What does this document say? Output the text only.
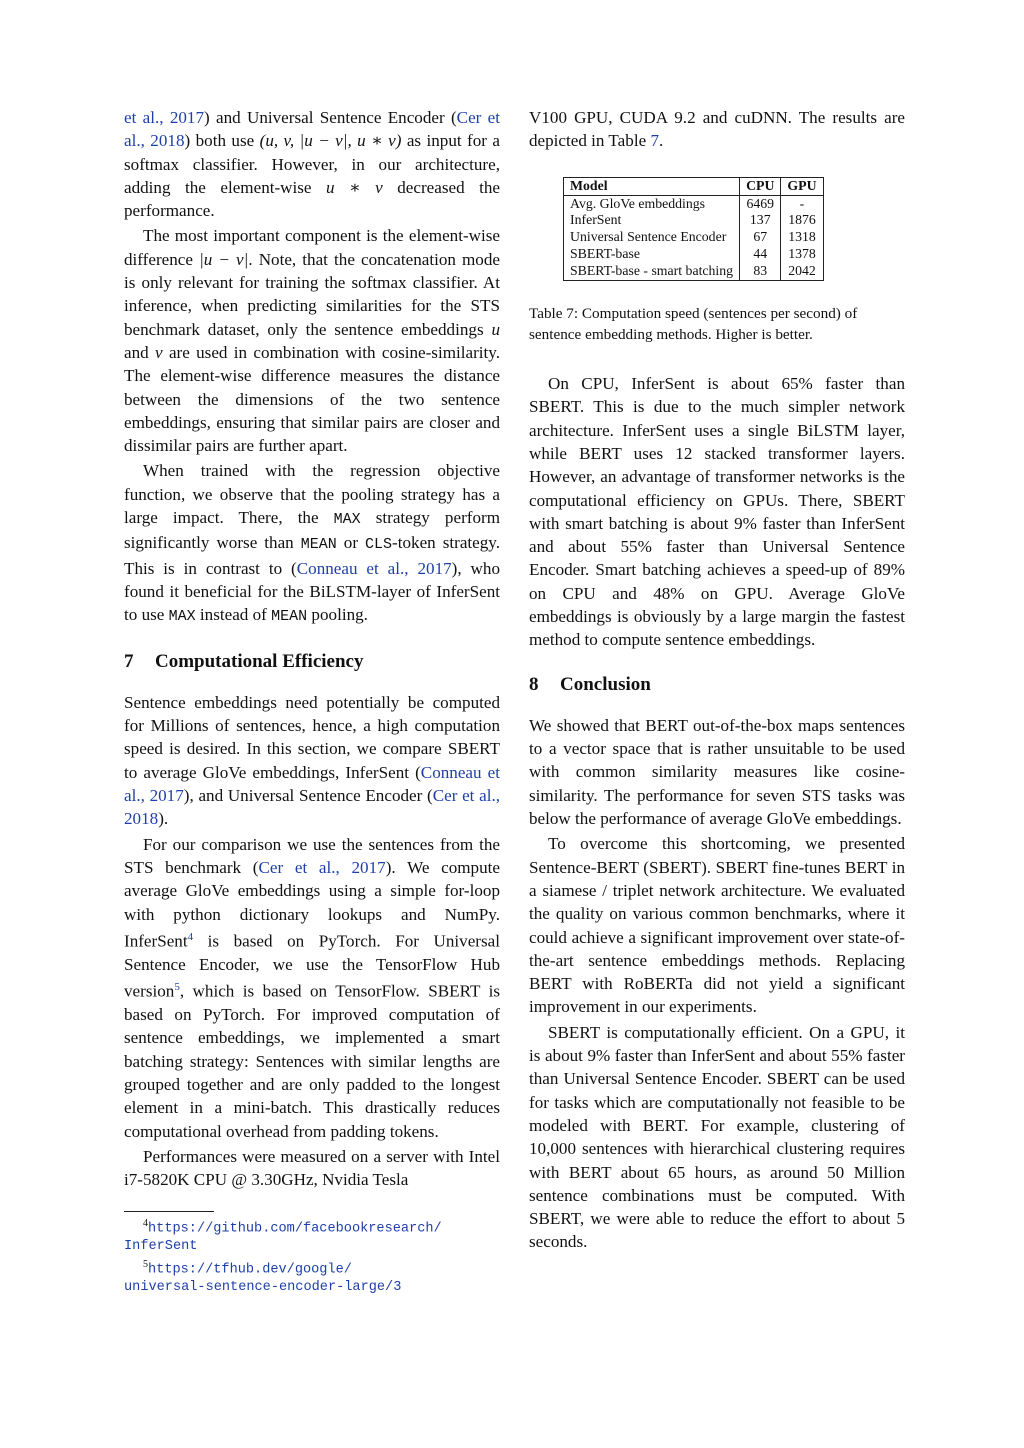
et al., 2017) and Universal Sentence Encoder (Cer et al., 2018) both use (u, v, |u − v|, u ∗ v) as input for a softmax classifier. However, in our architecture, adding the element-wise u ∗ v decreased the performance.

The most important component is the element-wise difference |u − v|. Note, that the concatenation mode is only relevant for training the softmax classifier. At inference, when predicting similarities for the STS benchmark dataset, only the sentence embeddings u and v are used in combination with cosine-similarity. The element-wise difference measures the distance between the dimensions of the two sentence embeddings, ensuring that similar pairs are closer and dissimilar pairs are further apart.

When trained with the regression objective function, we observe that the pooling strategy has a large impact. There, the MAX strategy perform significantly worse than MEAN or CLS-token strategy. This is in contrast to (Conneau et al., 2017), who found it beneficial for the BiLSTM-layer of InferSent to use MAX instead of MEAN pooling.

7 Computational Efficiency

Sentence embeddings need potentially be computed for Millions of sentences, hence, a high computation speed is desired. In this section, we compare SBERT to average GloVe embeddings, InferSent (Conneau et al., 2017), and Universal Sentence Encoder (Cer et al., 2018).

For our comparison we use the sentences from the STS benchmark (Cer et al., 2017). We compute average GloVe embeddings using a simple for-loop with python dictionary lookups and NumPy. InferSent$^4$ is based on PyTorch. For Universal Sentence Encoder, we use the TensorFlow Hub version$^5$, which is based on TensorFlow. SBERT is based on PyTorch. For improved computation of sentence embeddings, we implemented a smart batching strategy: Sentences with similar lengths are grouped together and are only padded to the longest element in a mini-batch. This drastically reduces computational overhead from padding tokens.

Performances were measured on a server with Intel i7-5820K CPU @ 3.30GHz, Nvidia Tesla

$^4$https://github.com/facebookresearch/
InferSent

$^5$https://tfhub.dev/google/
universal-sentence-encoder-large/3

V100 GPU, CUDA 9.2 and cuDNN. The results are depicted in Table 7.

Model	CPU	GPU
Avg. GloVe embeddings	6469	-
InferSent	137	1876
Universal Sentence Encoder	67	1318
SBERT-base	44	1378
SBERT-base - smart batching	83	2042

Table 7: Computation speed (sentences per second) of sentence embedding methods. Higher is better.

On CPU, InferSent is about 65% faster than SBERT. This is due to the much simpler network architecture. InferSent uses a single BiLSTM layer, while BERT uses 12 stacked transformer layers. However, an advantage of transformer networks is the computational efficiency on GPUs. There, SBERT with smart batching is about 9% faster than InferSent and about 55% faster than Universal Sentence Encoder. Smart batching achieves a speed-up of 89% on CPU and 48% on GPU. Average GloVe embeddings is obviously by a large margin the fastest method to compute sentence embeddings.

8 Conclusion

We showed that BERT out-of-the-box maps sentences to a vector space that is rather unsuitable to be used with common similarity measures like cosine-similarity. The performance for seven STS tasks was below the performance of average GloVe embeddings.

To overcome this shortcoming, we presented Sentence-BERT (SBERT). SBERT fine-tunes BERT in a siamese / triplet network architecture. We evaluated the quality on various common benchmarks, where it could achieve a significant improvement over state-of-the-art sentence embeddings methods. Replacing BERT with RoBERTa did not yield a significant improvement in our experiments.

SBERT is computationally efficient. On a GPU, it is about 9% faster than InferSent and about 55% faster than Universal Sentence Encoder. SBERT can be used for tasks which are computationally not feasible to be modeled with BERT. For example, clustering of 10,000 sentences with hierarchical clustering requires with BERT about 65 hours, as around 50 Million sentence combinations must be computed. With SBERT, we were able to reduce the effort to about 5 seconds.
